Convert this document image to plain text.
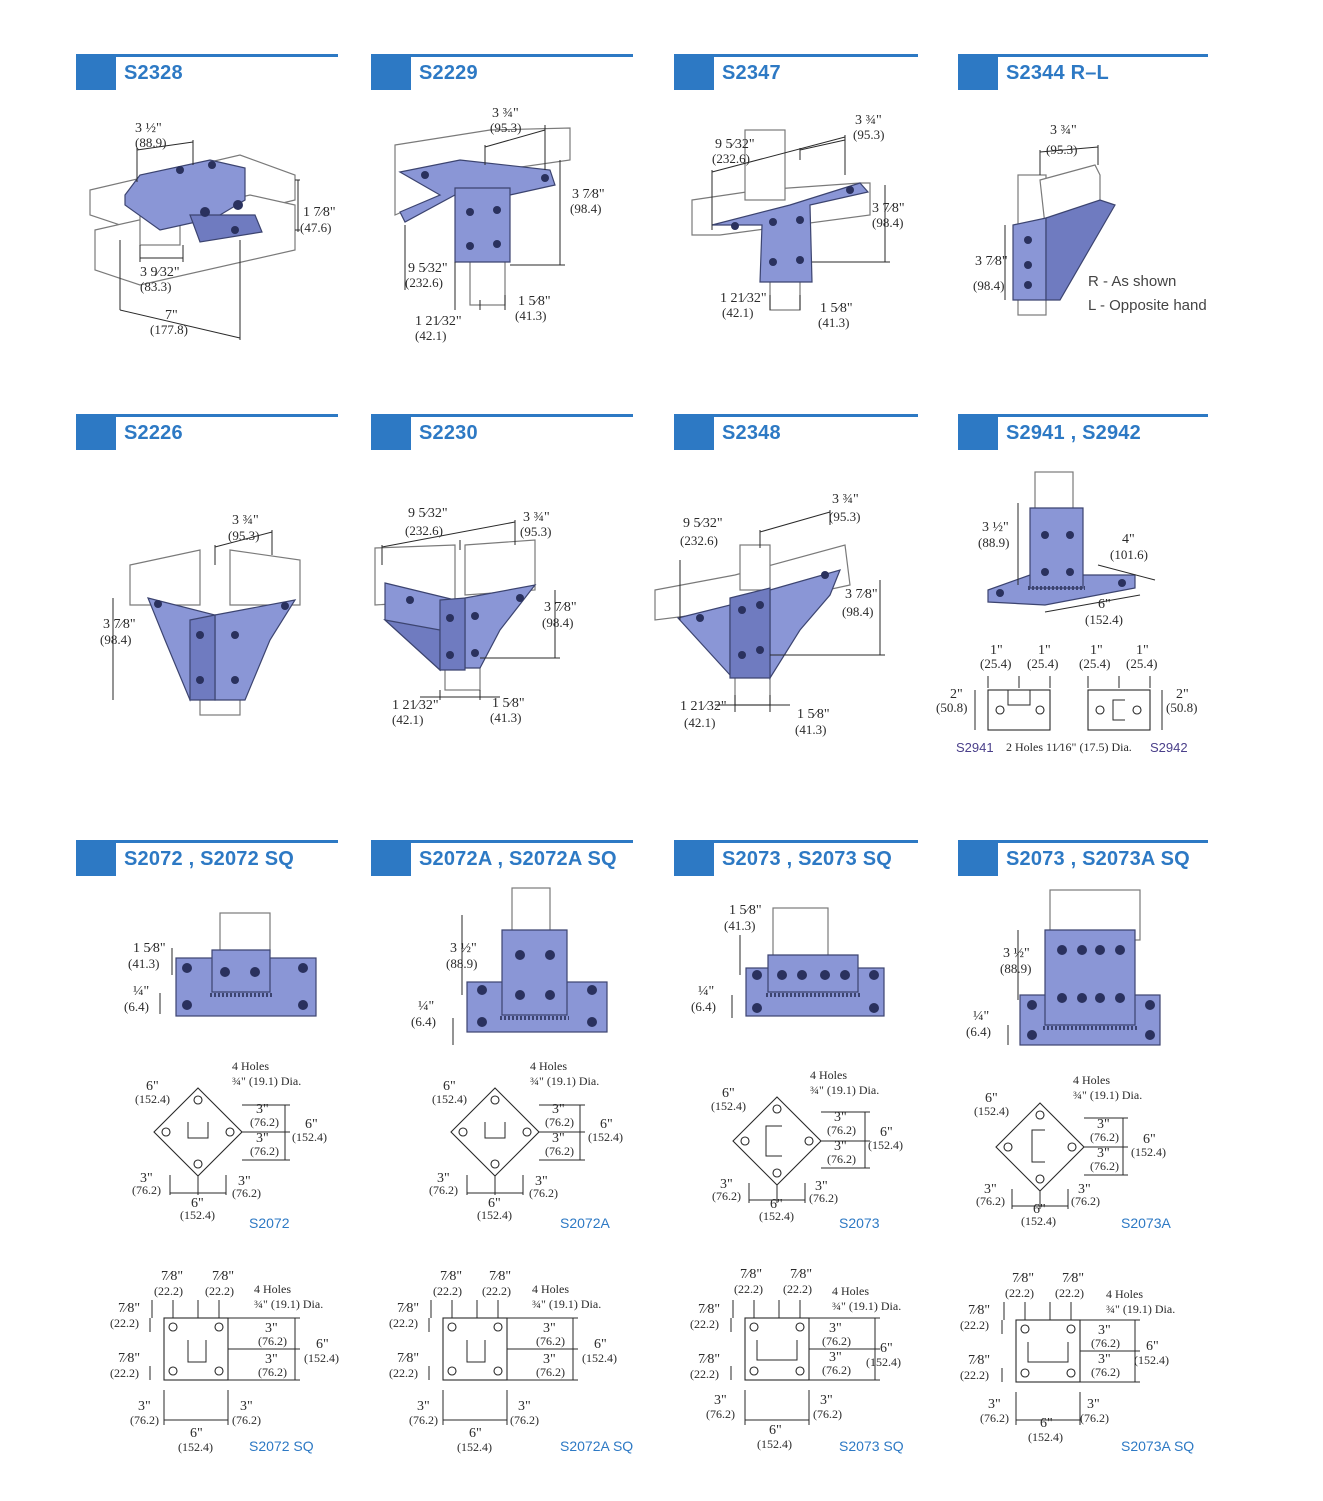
S2328	S2229	S2347	S2344 R–L
S2226	S2230	S2348	S2941 , S2942
S2072 , S2072 SQ	S2072A , S2072A SQ	S2073 , S2073 SQ	S2073 , S2073A SQ
3 ½"
(88.9)
1 7⁄8"
(47.6)
3 9⁄32"
(83.3)
7"
(177.8)
3 ¾"
(95.3)
3 7⁄8"
(98.4)
9 5⁄32"
(232.6)
1 5⁄8"
(41.3)
1 21⁄32"
(42.1)
9 5⁄32"
(232.6)
3 ¾"
(95.3)
3 7⁄8"
(98.4)
1 21⁄32"
(42.1)	1 5⁄8"
(41.3)
3 ¾"
(95.3)
3 7⁄8"
(98.4)	R - As shown
L - Opposite hand
3 ¾"
(95.3)
3 7⁄8"
(98.4)
9 5⁄32"
(232.6)
3 ¾"
(95.3)
3 7⁄8"
(98.4)
1 21⁄32"
(42.1)
1 5⁄8"
(41.3)
3 ¾"
(95.3)
9 5⁄32"
(232.6)
3 7⁄8"
(98.4)
1 21⁄32"
(42.1)
1 5⁄8"
(41.3)
3 ½"
(88.9)	4"
(101.6)
6"
(152.4)
1"
(25.4)
1"
(25.4)
1"
(25.4)
1"
(25.4)
2"
(50.8)
2"
(50.8)
S2941 2 Holes 11⁄16" (17.5) Dia. S2942
1 5⁄8"
(41.3)
¼"
(6.4)
4 Holes
¾" (19.1) Dia.
6"
(152.4)
3"
(76.2)
3"
(76.2)
6"
(152.4)
3"
(76.2)
3"
(76.2)
6"
(152.4) S2072
7⁄8"
(22.2)
7⁄8"
(22.2) 4 Holes
¾" (19.1) Dia.
7⁄8"
(22.2)
7⁄8"
(22.2)
3"
(76.2)
3"
(76.2)
6"
(152.4)
3"
(76.2)
3"
(76.2)
6"
(152.4)	S2072 SQ
3 ½"
(88.9)
¼"
(6.4)
4 Holes
¾" (19.1) Dia.
6"
(152.4)
3"
(76.2)
3"
(76.2)
6"
(152.4)
3"
(76.2)
3"
(76.2)
6"
(152.4)	S2072A
7⁄8"
(22.2)
7⁄8"
(22.2) 4 Holes
¾" (19.1) Dia.
7⁄8"
(22.2)
7⁄8"
(22.2)
3"
(76.2)
3"
(76.2)
6"
(152.4)
3"
(76.2)
3"
(76.2)
6"
(152.4)	S2072A SQ
1 5⁄8"
(41.3)
¼"
(6.4)
4 Holes
¾" (19.1) Dia.
6"
(152.4)
3"
(76.2)
3"
(76.2)
6"
(152.4)
3"
(76.2)
3"
(76.2)
6"
(152.4)	S2073
7⁄8"
(22.2)
7⁄8"
(22.2) 4 Holes
¾" (19.1) Dia.
7⁄8"
(22.2)
7⁄8"
(22.2)
3"
(76.2)
3"
(76.2)
6"
(152.4)
3"
(76.2)
3"
(76.2)
6"
(152.4)	S2073 SQ
3 ½"
(88.9)
¼"
(6.4)
4 Holes
¾" (19.1) Dia.
6"
(152.4)
3"
(76.2)
3"
(76.2)
6"
(152.4)
3"
(76.2)
3"
(76.2)
6"
(152.4)	S2073A
7⁄8"
(22.2)
7⁄8"
(22.2) 4 Holes
¾" (19.1) Dia.
7⁄8"
(22.2)
7⁄8"
(22.2)
3"
(76.2)
3"
(76.2)
6"
(152.4)
3"
(76.2)
3"
(76.2)
6"
(152.4)
S2073A SQ
